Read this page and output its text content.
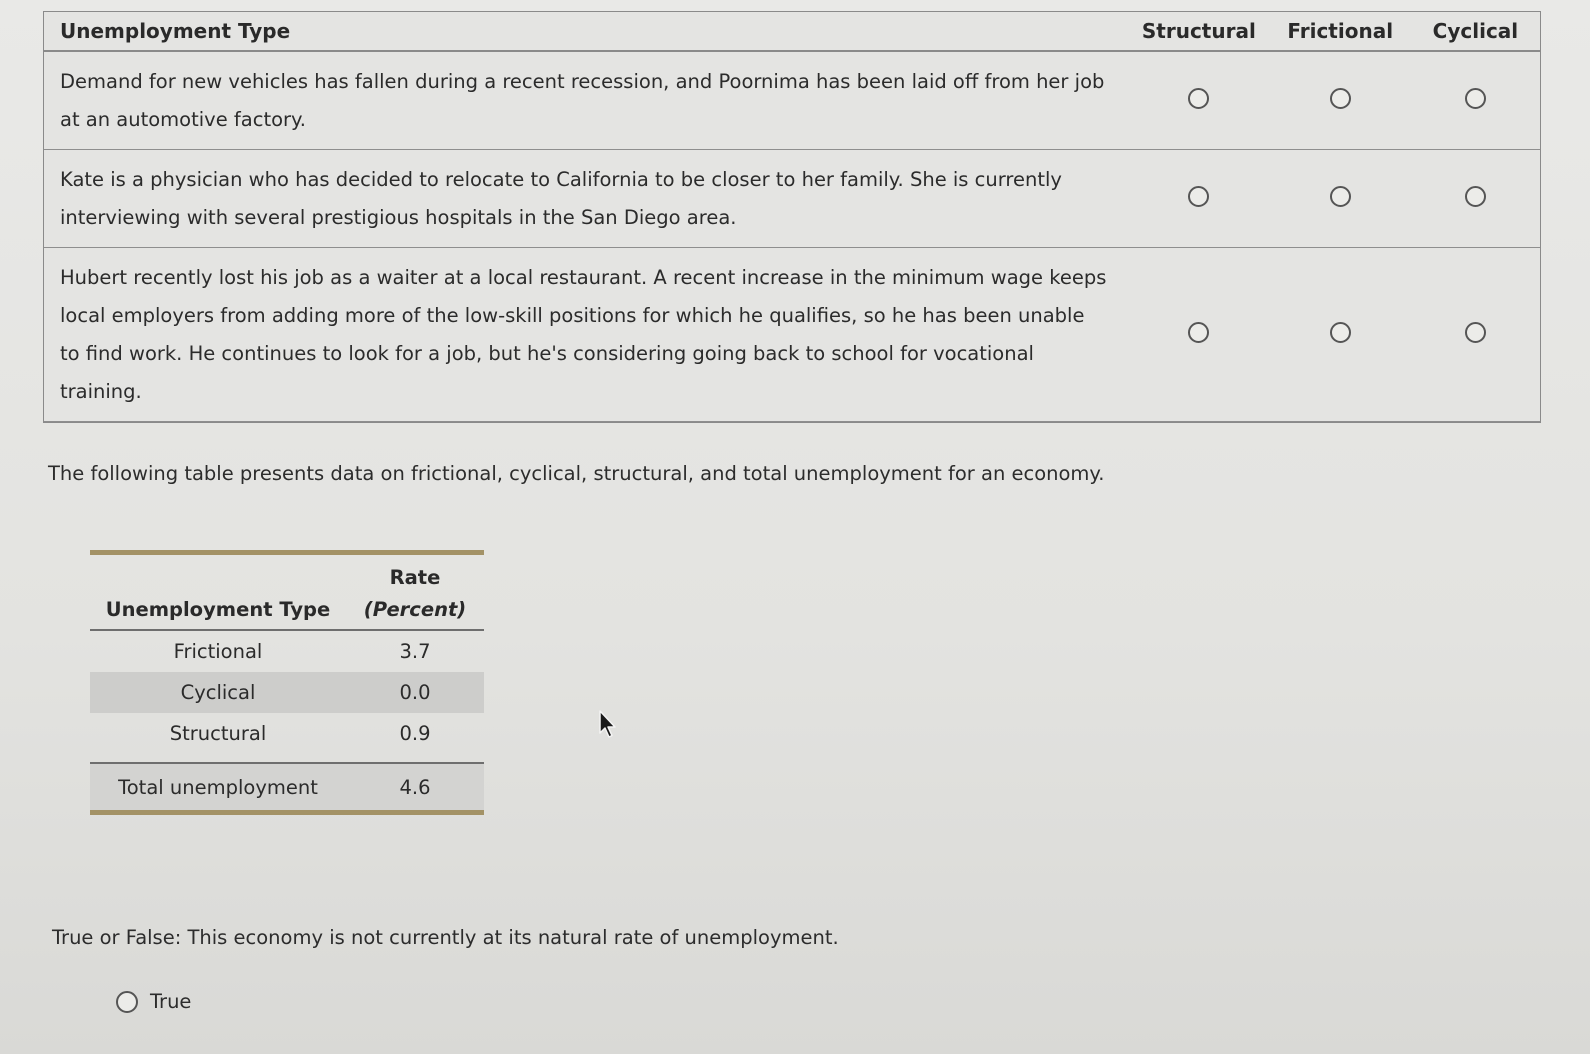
Unemployment Type	Structural	Frictional	Cyclical
Demand for new vehicles has fallen during a recent recession, and Poornima has been laid off from her job at an automotive factory.			
Kate is a physician who has decided to relocate to California to be closer to her family. She is currently interviewing with several prestigious hospitals in the San Diego area.			
Hubert recently lost his job as a waiter at a local restaurant. A recent increase in the minimum wage keeps local employers from adding more of the low-skill positions for which he qualifies, so he has been unable to find work. He continues to look for a job, but he's considering going back to school for vocational training.			
The following table presents data on frictional, cyclical, structural, and total unemployment for an economy.

	Rate
Unemployment Type	(Percent)
Frictional	3.7
Cyclical	0.0
Structural	0.9

Total unemployment	4.6

True or False: This economy is not currently at its natural rate of unemployment.
True
